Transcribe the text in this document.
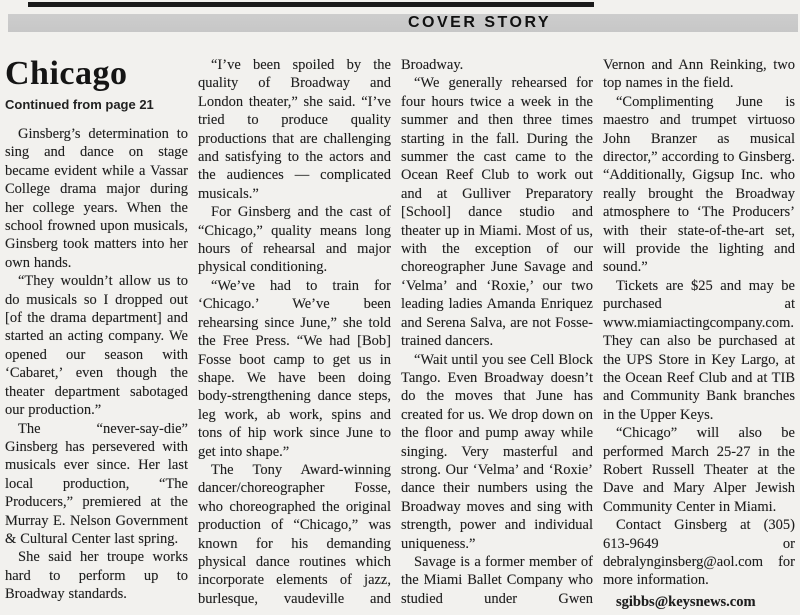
COVER STORY
Chicago
Continued from page 21

Ginsberg’s determination to sing and dance on stage became evident while a Vassar College drama major during her college years. When the school frowned upon musicals, Ginsberg took matters into her own hands.

“They wouldn’t allow us to do musicals so I dropped out [of the drama department] and started an acting company. We opened our season with ‘Cabaret,’ even though the theater department sabotaged our production.”

The “never-say-die” Ginsberg has persevered with musicals ever since. Her last local production, “The Producers,” premiered at the Murray E. Nelson Government & Cultural Center last spring.

She said her troupe works hard to perform up to Broadway standards.

“I’ve been spoiled by the quality of Broadway and London theater,” she said. “I’ve tried to produce quality productions that are challenging and satisfying to the actors and the audiences — complicated musicals.”

For Ginsberg and the cast of “Chicago,” quality means long hours of rehearsal and major physical conditioning.

“We’ve had to train for ‘Chicago.’ We’ve been rehearsing since June,” she told the Free Press. “We had [Bob] Fosse boot camp to get us in shape. We have been doing body-strengthening dance steps, leg work, ab work, spins and tons of hip work since June to get into shape.”

The Tony Award-winning dancer/choreographer Fosse, who choreographed the original production of “Chicago,” was known for his demanding physical dance routines which incorporate elements of jazz, burlesque, vaudeville and

Broadway.

“We generally rehearsed for four hours twice a week in the summer and then three times starting in the fall. During the summer the cast came to the Ocean Reef Club to work out and at Gulliver Preparatory [School] dance studio and theater up in Miami. Most of us, with the exception of our choreographer June Savage and ‘Velma’ and ‘Roxie,’ our two leading ladies Amanda Enriquez and Serena Salva, are not Fosse-trained dancers.

“Wait until you see Cell Block Tango. Even Broadway doesn’t do the moves that June has created for us. We drop down on the floor and pump away while singing. Very masterful and strong. Our ‘Velma’ and ‘Roxie’ dance their numbers using the Broadway moves and sing with strength, power and individual uniqueness.”

Savage is a former member of the Miami Ballet Company who studied under Gwen

Vernon and Ann Reinking, two top names in the field.

“Complimenting June is maestro and trumpet virtuoso John Branzer as musical director,” according to Ginsberg. “Additionally, Gigsup Inc. who really brought the Broadway atmosphere to ‘The Producers’ with their state-of-the-art set, will provide the lighting and sound.”

Tickets are $25 and may be purchased at www.miamiactingcompany.com. They can also be purchased at the UPS Store in Key Largo, at the Ocean Reef Club and at TIB and Community Bank branches in the Upper Keys.

“Chicago” will also be performed March 25-27 in the Robert Russell Theater at the Dave and Mary Alper Jewish Community Center in Miami.

Contact Ginsberg at (305) 613-9649 or debralynginsberg@aol.com for more information.

sgibbs@keysnews.com
